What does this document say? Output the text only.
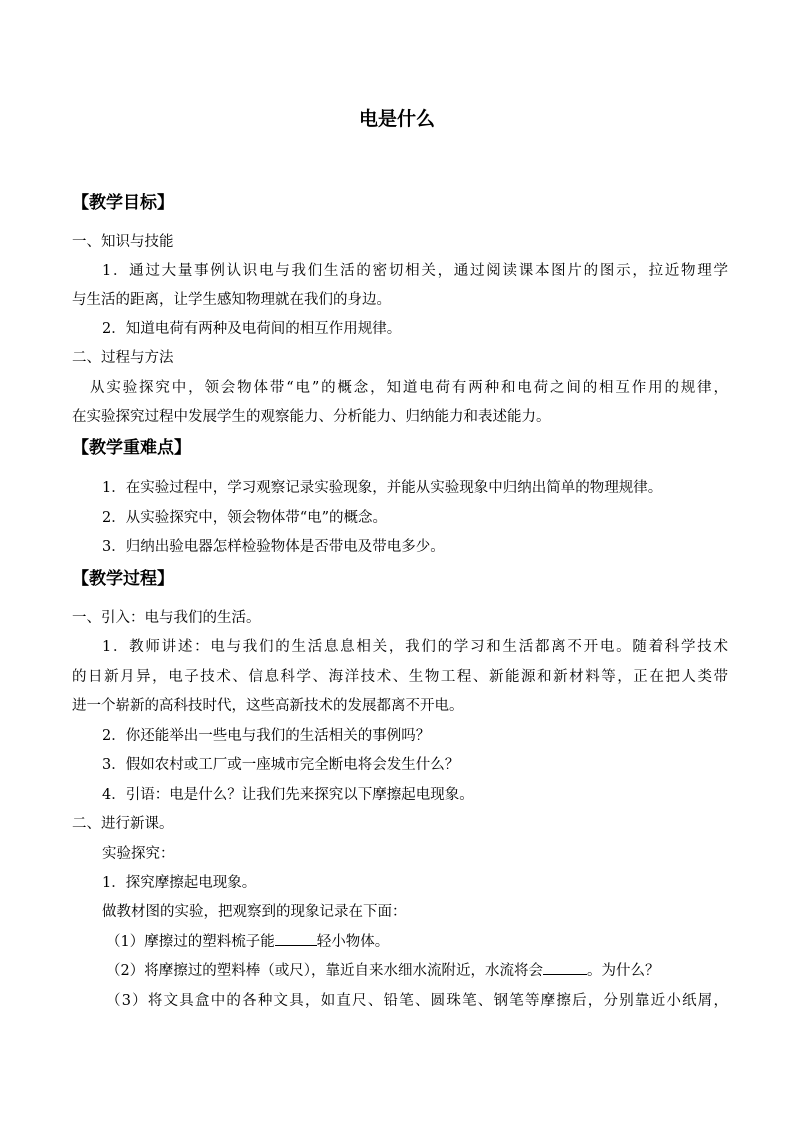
电是什么
【教学目标】
一、知识与技能
1．通过大量事例认识电与我们生活的密切相关，通过阅读课本图片的图示，拉近物理学
与生活的距离，让学生感知物理就在我们的身边。
2．知道电荷有两种及电荷间的相互作用规律。
二、过程与方法
从实验探究中，领会物体带“电”的概念，知道电荷有两种和电荷之间的相互作用的规律，
在实验探究过程中发展学生的观察能力、分析能力、归纳能力和表述能力。
【教学重难点】
1．在实验过程中，学习观察记录实验现象，并能从实验现象中归纳出简单的物理规律。
2．从实验探究中，领会物体带“电”的概念。
3．归纳出验电器怎样检验物体是否带电及带电多少。
【教学过程】
一、引入：电与我们的生活。
1．教师讲述：电与我们的生活息息相关，我们的学习和生活都离不开电。随着科学技术
的日新月异，电子技术、信息科学、海洋技术、生物工程、新能源和新材料等，正在把人类带
进一个崭新的高科技时代，这些高新技术的发展都离不开电。
2．你还能举出一些电与我们的生活相关的事例吗？
3．假如农村或工厂或一座城市完全断电将会发生什么？
4．引语：电是什么？让我们先来探究以下摩擦起电现象。
二、进行新课。
实验探究：
1．探究摩擦起电现象。
做教材图的实验，把观察到的现象记录在下面：
（1）摩擦过的塑料梳子能	轻小物体。
（2）将摩擦过的塑料棒（或尺），靠近自来水细水流附近，水流将会	。为什么？
（3）将文具盒中的各种文具，如直尺、铅笔、圆珠笔、钢笔等摩擦后，分别靠近小纸屑，
